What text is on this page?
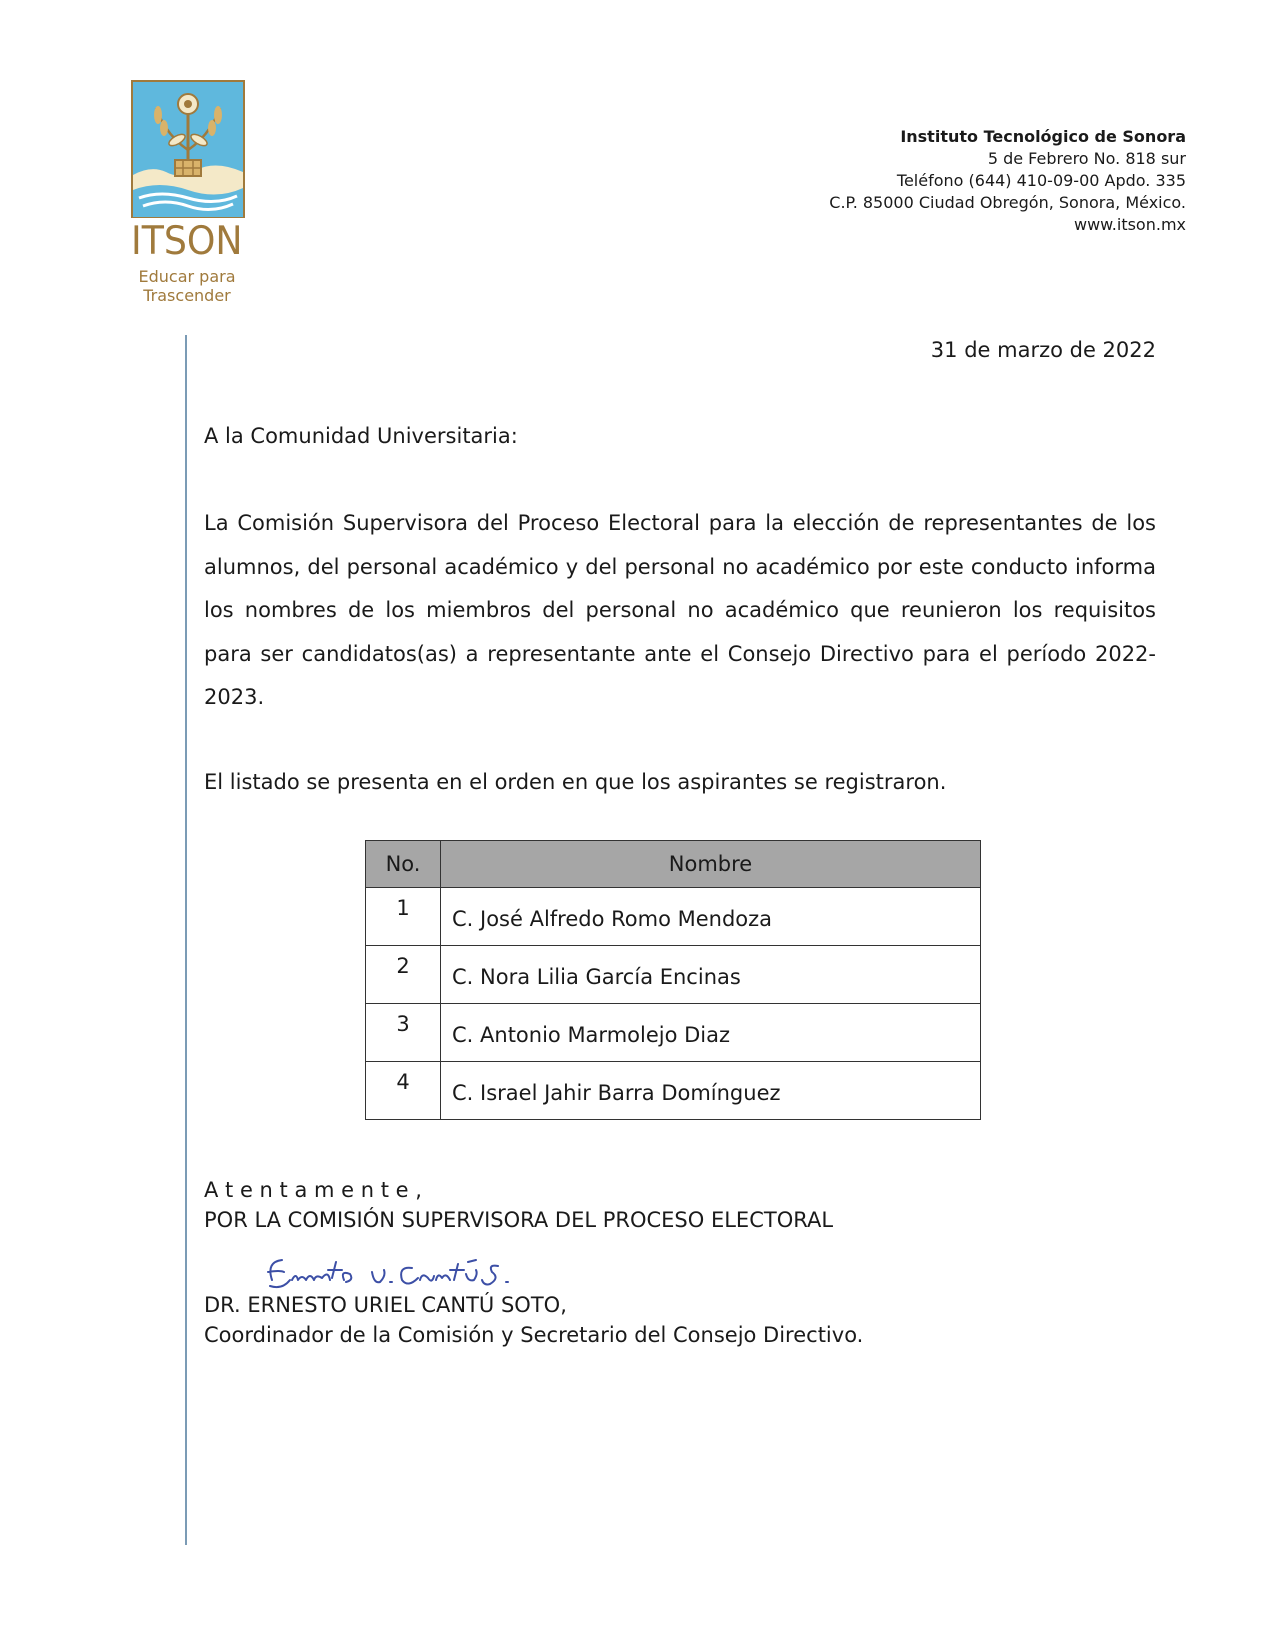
ITSON
Educar para
Trascender
Instituto Tecnológico de Sonora
5 de Febrero No. 818 sur
Teléfono (644) 410-09-00 Apdo. 335
C.P. 85000 Ciudad Obregón, Sonora, México.
www.itson.mx
31 de marzo de 2022
A la Comunidad Universitaria:
La Comisión Supervisora del Proceso Electoral para la elección de representantes de los alumnos, del personal académico y del personal no académico por este conducto informa los nombres de los miembros del personal no académico que reunieron los requisitos para ser candidatos(as) a representante ante el Consejo Directivo para el período 2022-2023.
El listado se presenta en el orden en que los aspirantes se registraron.
No.	Nombre
1	C. José Alfredo Romo Mendoza
2	C. Nora Lilia García Encinas
3	C. Antonio Marmolejo Diaz
4	C. Israel Jahir Barra Domínguez
A t e n t a m e n t e ,
POR LA COMISIÓN SUPERVISORA DEL PROCESO ELECTORAL
DR. ERNESTO URIEL CANTÚ SOTO,
Coordinador de la Comisión y Secretario del Consejo Directivo.
